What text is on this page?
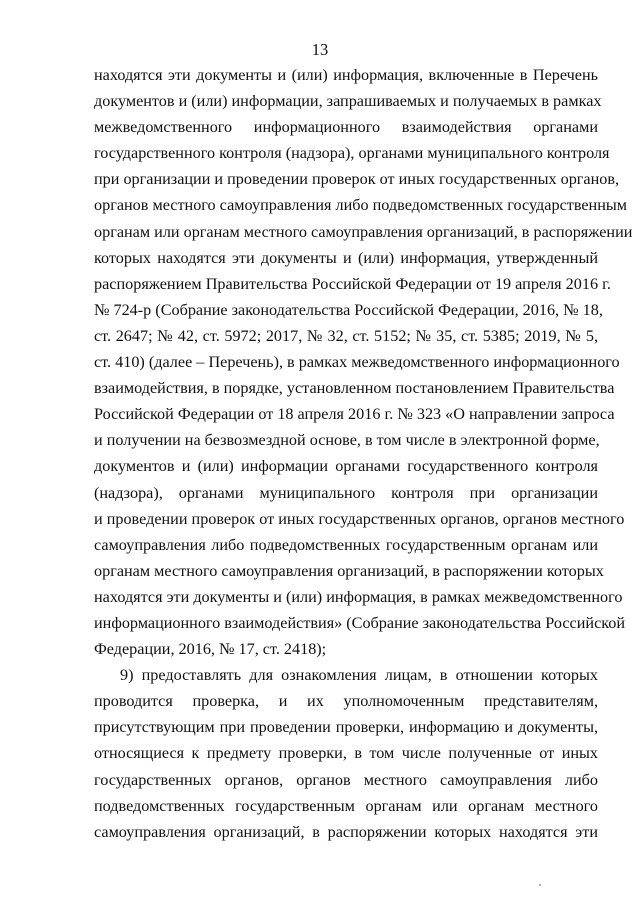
13
находятся эти документы и (или) информация, включенные в Перечень
документов и (или) информации, запрашиваемых и получаемых в рамках
межведомственного информационного взаимодействия органами
государственного контроля (надзора), органами муниципального контроля
при организации и проведении проверок от иных государственных органов,
органов местного самоуправления либо подведомственных государственным
органам или органам местного самоуправления организаций, в распоряжении
которых находятся эти документы и (или) информация, утвержденный
распоряжением Правительства Российской Федерации от 19 апреля 2016 г.
№ 724-р (Собрание законодательства Российской Федерации, 2016, № 18,
ст. 2647; № 42, ст. 5972; 2017, № 32, ст. 5152; № 35, ст. 5385; 2019, № 5,
ст. 410) (далее – Перечень), в рамках межведомственного информационного
взаимодействия, в порядке, установленном постановлением Правительства
Российской Федерации от 18 апреля 2016 г. № 323 «О направлении запроса
и получении на безвозмездной основе, в том числе в электронной форме,
документов и (или) информации органами государственного контроля
(надзора), органами муниципального контроля при организации
и проведении проверок от иных государственных органов, органов местного
самоуправления либо подведомственных государственным органам или
органам местного самоуправления организаций, в распоряжении которых
находятся эти документы и (или) информация, в рамках межведомственного
информационного взаимодействия» (Собрание законодательства Российской
Федерации, 2016, № 17, ст. 2418);
9) предоставлять для ознакомления лицам, в отношении которых
проводится проверка, и их уполномоченным представителям,
присутствующим при проведении проверки, информацию и документы,
относящиеся к предмету проверки, в том числе полученные от иных
государственных органов, органов местного самоуправления либо
подведомственных государственным органам или органам местного
самоуправления организаций, в распоряжении которых находятся эти
